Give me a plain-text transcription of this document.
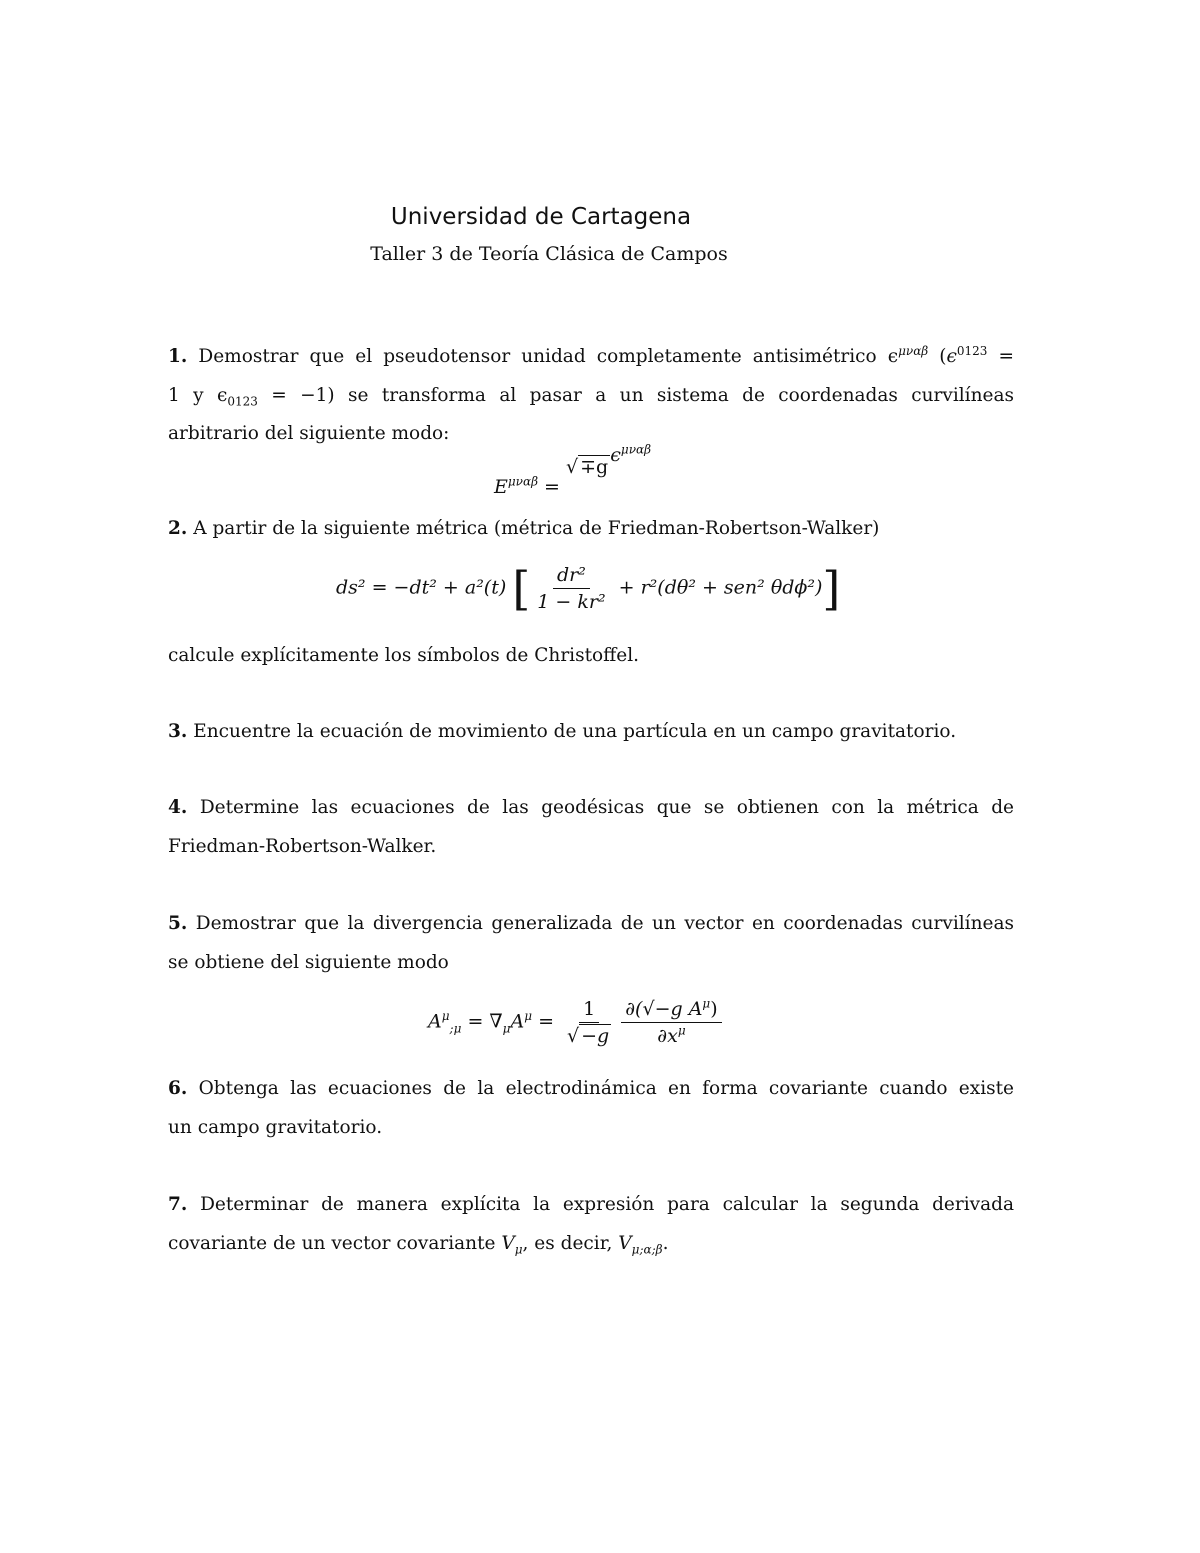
Universidad de Cartagena
Taller 3 de Teoría Clásica de Campos
1. Demostrar que el pseudotensor unidad completamente antisimétrico $\epsilon^{\mu\nu\alpha\beta}$ ($\epsilon^{0123}$ =
1 y $\epsilon_{0123} = -1$) se transforma al pasar a un sistema de coordenadas curvilíneas
arbitrario del siguiente modo:
$E^{\mu\nu\alpha\beta}$ = √ $\mp g\epsilon^{\mu\nu\alpha\beta}$
2. A partir de la siguiente métrica (métrica de Friedman-Robertson-Walker)
ds² = −dt² + a²(t) [ $\frac{\text{dr²}}{\text{1 − kr²}} + r^2(d\theta^2 + sen^2$ θdϕ²)]
calcule explícitamente los símbolos de Christoffel.
3. Encuentre la ecuación de movimiento de una partícula en un campo gravitatorio.
4. Determine las ecuaciones de las geodésicas que se obtienen con la métrica de
Friedman-Robertson-Walker.
5. Demostrar que la divergencia generalizada de un vector en coordenadas curvilíneas
se obtiene del siguiente modo
$A^\mu_{;\mu} = \nabla_\mu A^\mu = \frac{1}{√ -g} \frac{\partial(√-g A^\mu)}{\partial x^\mu}$
6. Obtenga las ecuaciones de la electrodinámica en forma covariante cuando existe
un campo gravitatorio.
7. Determinar de manera explícita la expresión para calcular la segunda derivada
covariante de un vector covariante $V_\mu$, es decir, $V_{\mu;\alpha;\beta}$.
